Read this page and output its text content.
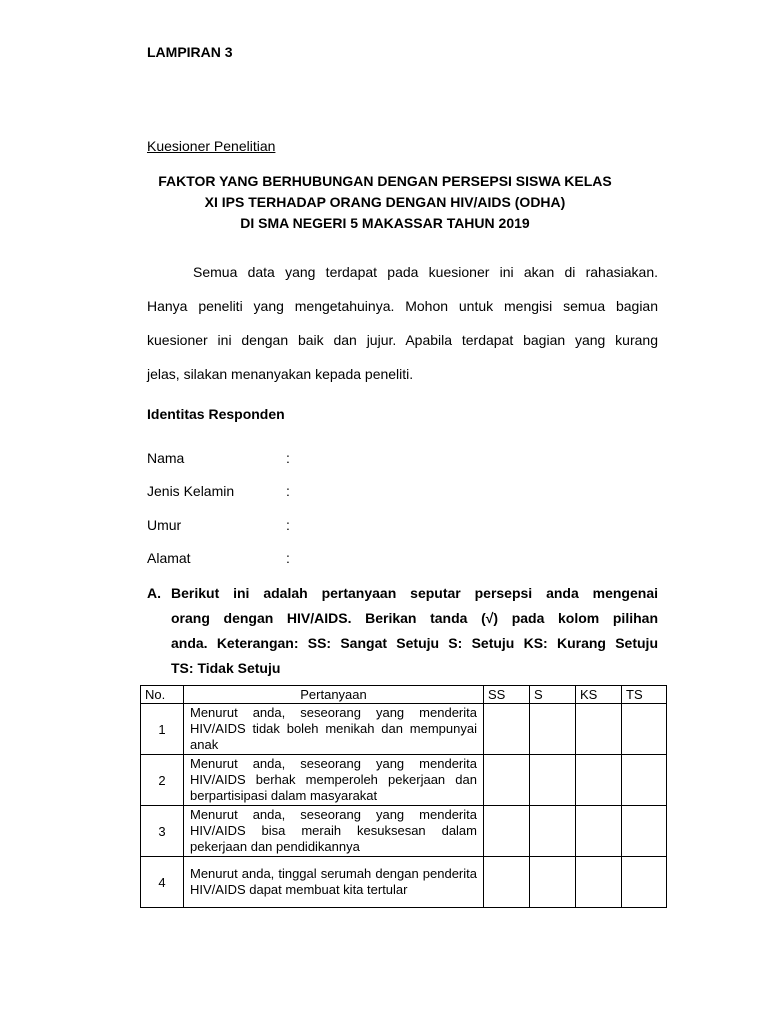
LAMPIRAN 3
Kuesioner Penelitian
FAKTOR YANG BERHUBUNGAN DENGAN PERSEPSI SISWA KELAS
XI IPS TERHADAP ORANG DENGAN HIV/AIDS (ODHA)
DI SMA NEGERI 5 MAKASSAR TAHUN 2019
Semua data yang terdapat pada kuesioner ini akan di rahasiakan.
Hanya peneliti yang mengetahuinya. Mohon untuk mengisi semua bagian
kuesioner ini dengan baik dan jujur. Apabila terdapat bagian yang kurang
jelas, silakan menanyakan kepada peneliti.
Identitas Responden
Nama	:
Jenis Kelamin	:
Umur	:
Alamat	:
A. Berikut ini adalah pertanyaan seputar persepsi anda mengenai
orang dengan HIV/AIDS. Berikan tanda (√) pada kolom pilihan
anda. Keterangan: SS: Sangat Setuju S: Setuju KS: Kurang Setuju
TS: Tidak Setuju
No.	Pertanyaan	SS	S	KS	TS
1	Menurut anda, seseorang yang menderita HIV/AIDS tidak boleh menikah dan mempunyai anak				
2	Menurut anda, seseorang yang menderita HIV/AIDS berhak memperoleh pekerjaan dan berpartisipasi dalam masyarakat				
3	Menurut anda, seseorang yang menderita HIV/AIDS bisa meraih kesuksesan dalam pekerjaan dan pendidikannya				
4	Menurut anda, tinggal serumah dengan penderita HIV/AIDS dapat membuat kita tertular				
